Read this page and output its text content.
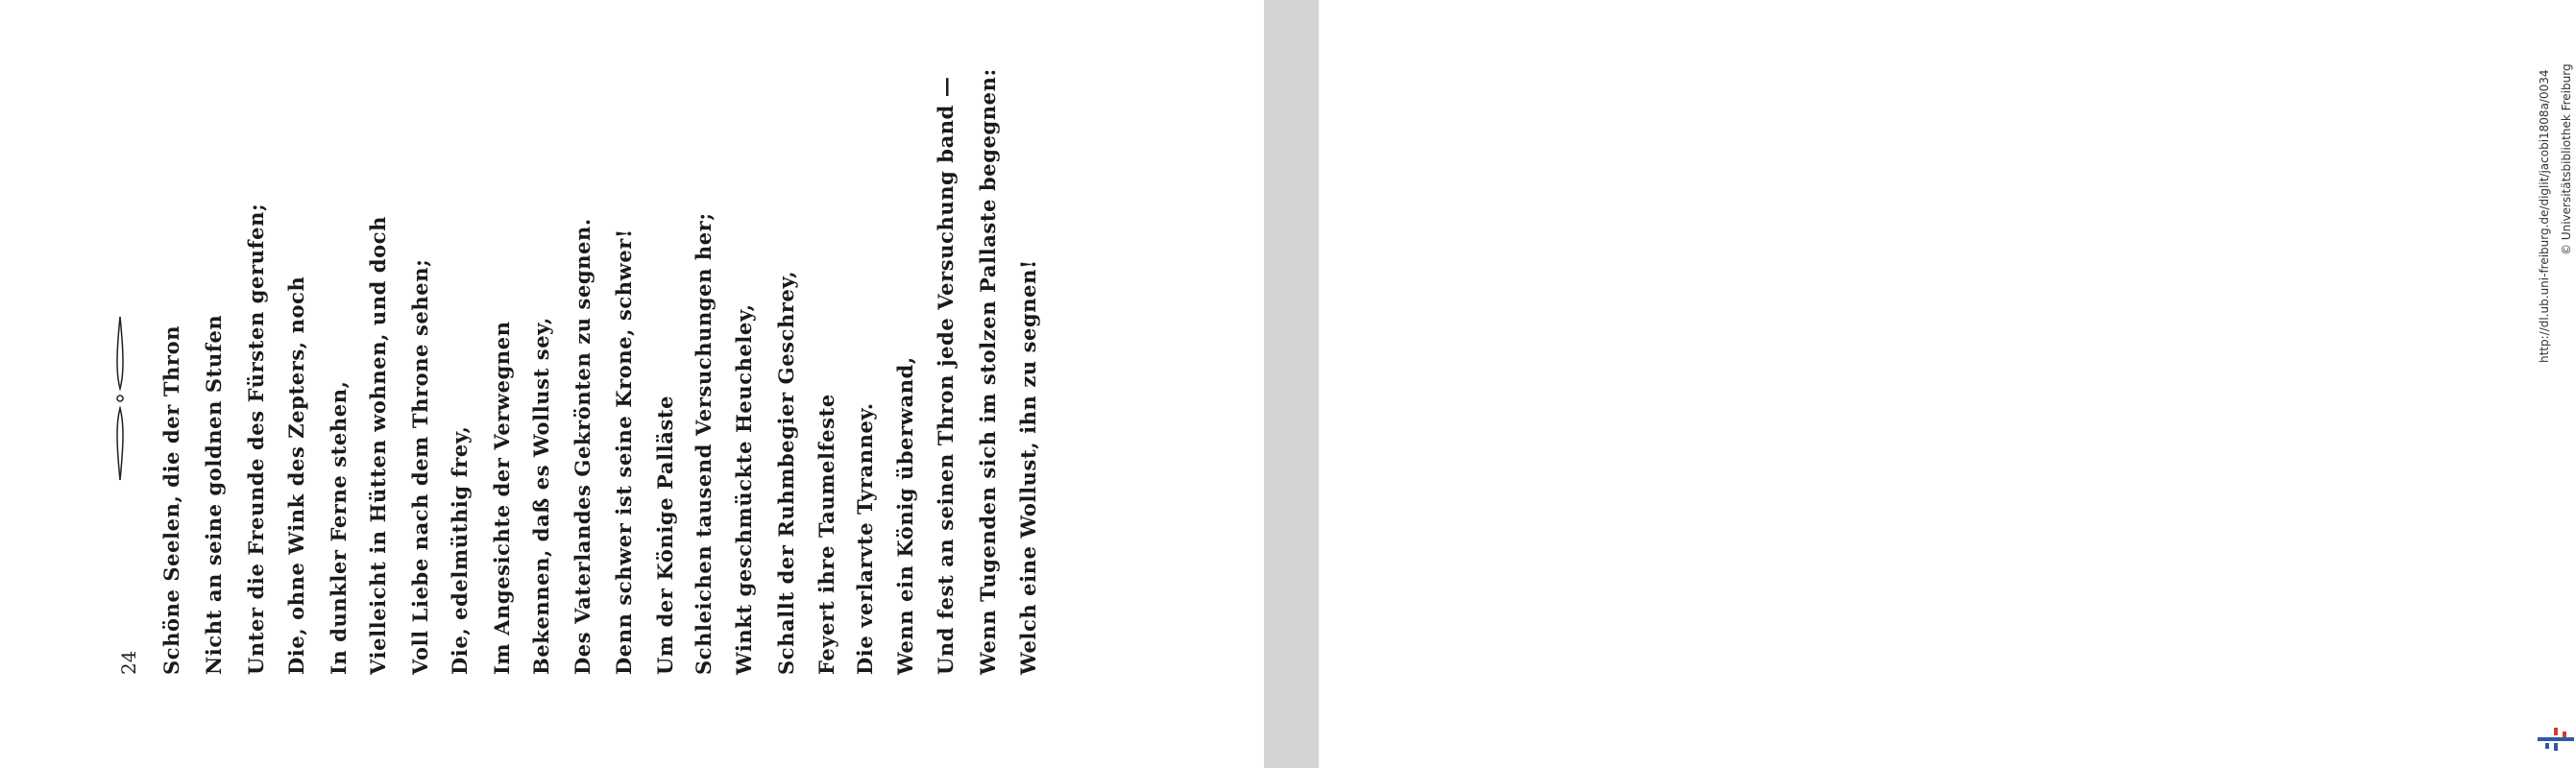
24 Schöne Seelen, die der Thron Nicht an seine goldnen Stufen Unter die Freunde des Fürsten gerufen; Die, ohne Wink des Zepters, noch In dunkler Ferne stehen, Vielleicht in Hütten wohnen, und doch Voll Liebe nach dem Throne sehen; Die, edelmüthig frey, Im Angesichte der Verwegnen Bekennen, daß es Wollust sey, Des Vaterlandes Gekrönten zu segnen. Denn schwer ist seine Krone, schwer! Um der Könige Palläste Schleichen tausend Versuchungen her; Winkt geschmückte Heucheley, Schallt der Ruhmbegier Geschrey, Feyert ihre Taumelfeste Die verlarvte Tyranney. Wenn ein König überwand, Und fest an seinen Thron jede Versuchung band — Wenn Tugenden sich im stolzen Pallaste begegnen: Welch eine Wollust, ihn zu segnen!
http://dl.ub.uni-freiburg.de/diglit/jacobi1808a/0034 © Universitätsbibliothek Freiburg
